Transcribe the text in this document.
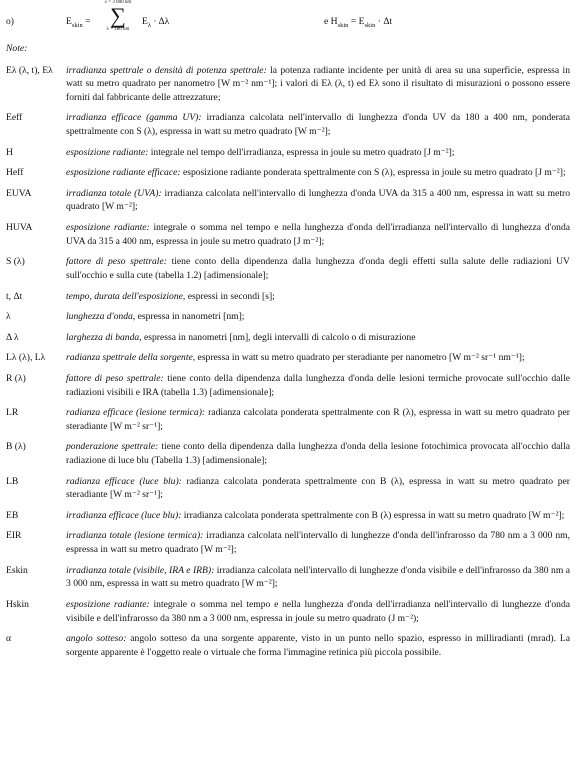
o)	$E_{skin}$ =
λ = 3 000 nm
∑
λ = 180 nm
$E_\lambda \cdot \Delta\lambda$	e $H_{skin} = E_{skin} \cdot \Delta t$
Note:
Eλ (λ, t), Eλ	irradianza spettrale o densità di potenza spettrale: la potenza radiante incidente per unità di area su una superficie, espressa in watt su metro quadrato per nanometro [W m⁻² nm⁻¹]; i valori di Eλ (λ, t) ed Eλ sono il risultato di misurazioni o possono essere forniti dal fabbricante delle attrezzature;
Eeff	irradianza efficace (gamma UV): irradianza calcolata nell'intervallo di lunghezza d'onda UV da 180 a 400 nm, ponderata spettralmente con S (λ), espressa in watt su metro quadrato [W m⁻²];
H	esposizione radiante: integrale nel tempo dell'irradianza, espressa in joule su metro quadrato [J m⁻²];
Heff	esposizione radiante efficace: esposizione radiante ponderata spettralmente con S (λ), espressa in joule su metro quadrato [J m⁻²];
EUVA	irradianza totale (UVA): irradianza calcolata nell'intervallo di lunghezza d'onda UVA da 315 a 400 nm, espressa in watt su metro quadrato [W m⁻²];
HUVA	esposizione radiante: integrale o somma nel tempo e nella lunghezza d'onda dell'irradianza nell'intervallo di lunghezza d'onda UVA da 315 a 400 nm, espressa in joule su metro quadrato [J m⁻²];
S (λ)	fattore di peso spettrale: tiene conto della dipendenza dalla lunghezza d'onda degli effetti sulla salute delle radiazioni UV sull'occhio e sulla cute (tabella 1.2) [adimensionale];
t, Δt	tempo, durata dell'esposizione, espressi in secondi [s];
λ	lunghezza d'onda, espressa in nanometri [nm];
Δ λ	larghezza di banda, espressa in nanometri [nm], degli intervalli di calcolo o di misurazione
Lλ (λ), Lλ	radianza spettrale della sorgente, espressa in watt su metro quadrato per steradiante per nanometro [W m⁻² sr⁻¹ nm⁻¹];
R (λ)	fattore di peso spettrale: tiene conto della dipendenza dalla lunghezza d'onda delle lesioni termiche provocate sull'occhio dalle radiazioni visibili e IRA (tabella 1.3) [adimensionale];
LR	radianza efficace (lesione termica): radianza calcolata ponderata spettralmente con R (λ), espressa in watt su metro quadrato per steradiante [W m⁻² sr⁻¹];
B (λ)	ponderazione spettrale: tiene conto della dipendenza dalla lunghezza d'onda della lesione fotochimica provocata all'occhio dalla radiazione di luce blu (Tabella 1.3) [adimensionale];
LB	radianza efficace (luce blu): radianza calcolata ponderata spettralmente con B (λ), espressa in watt su metro quadrato per steradiante [W m⁻² sr⁻¹];
EB	irradianza efficace (luce blu): irradianza calcolata ponderata spettralmente con B (λ) espressa in watt su metro quadrato [W m⁻²];
EIR	irradianza totale (lesione termica): irradianza calcolata nell'intervallo di lunghezze d'onda dell'infrarosso da 780 nm a 3 000 nm, espressa in watt su metro quadrato [W m⁻²];
Eskin	irradianza totale (visibile, IRA e IRB): irradianza calcolata nell'intervallo di lunghezze d'onda visibile e dell'infrarosso da 380 nm a 3 000 nm, espressa in watt su metro quadrato [W m⁻²];
Hskin	esposizione radiante: integrale o somma nel tempo e nella lunghezza d'onda dell'irradianza nell'intervallo di lunghezze d'onda visibile e dell'infrarosso da 380 nm a 3 000 nm, espressa in joule su metro quadrato (J m⁻²);
α	angolo sotteso: angolo sotteso da una sorgente apparente, visto in un punto nello spazio, espresso in milliradianti (mrad). La sorgente apparente è l'oggetto reale o virtuale che forma l'immagine retinica più piccola possibile.
